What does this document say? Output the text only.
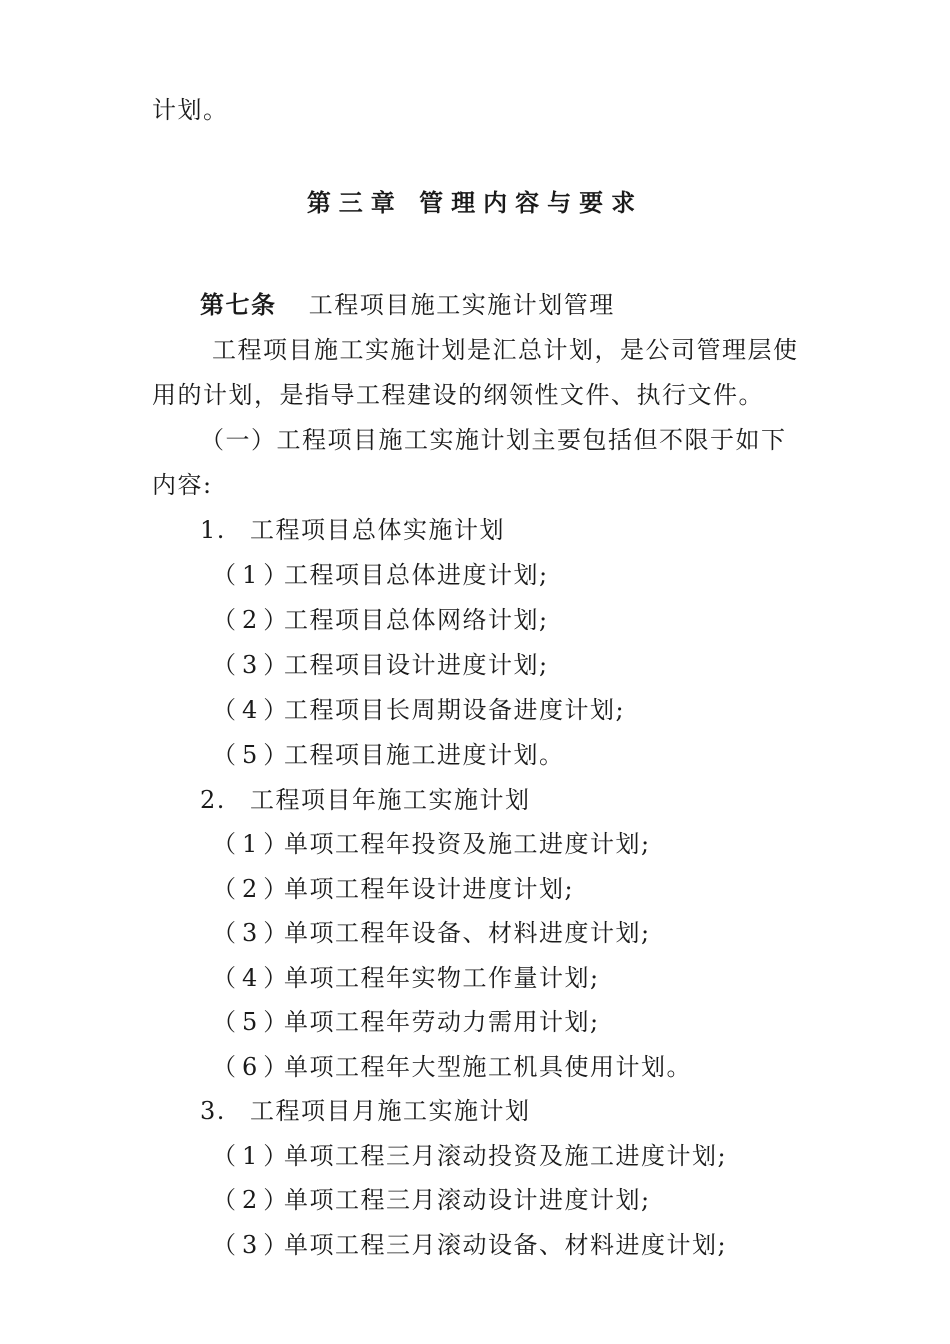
计划。
第三章 管理内容与要求
第七条 工程项目施工实施计划管理
工程项目施工实施计划是汇总计划，是公司管理层使
用的计划，是指导工程建设的纲领性文件、执行文件。
（一）工程项目施工实施计划主要包括但不限于如下
内容:
1. 工程项目总体实施计划
（1）工程项目总体进度计划;
（2）工程项目总体网络计划;
（3）工程项目设计进度计划;
（4）工程项目长周期设备进度计划;
（5）工程项目施工进度计划。
2. 工程项目年施工实施计划
（1）单项工程年投资及施工进度计划;
（2）单项工程年设计进度计划;
（3）单项工程年设备、材料进度计划;
（4）单项工程年实物工作量计划;
（5）单项工程年劳动力需用计划;
（6）单项工程年大型施工机具使用计划。
3. 工程项目月施工实施计划
（1）单项工程三月滚动投资及施工进度计划;
（2）单项工程三月滚动设计进度计划;
（3）单项工程三月滚动设备、材料进度计划;
